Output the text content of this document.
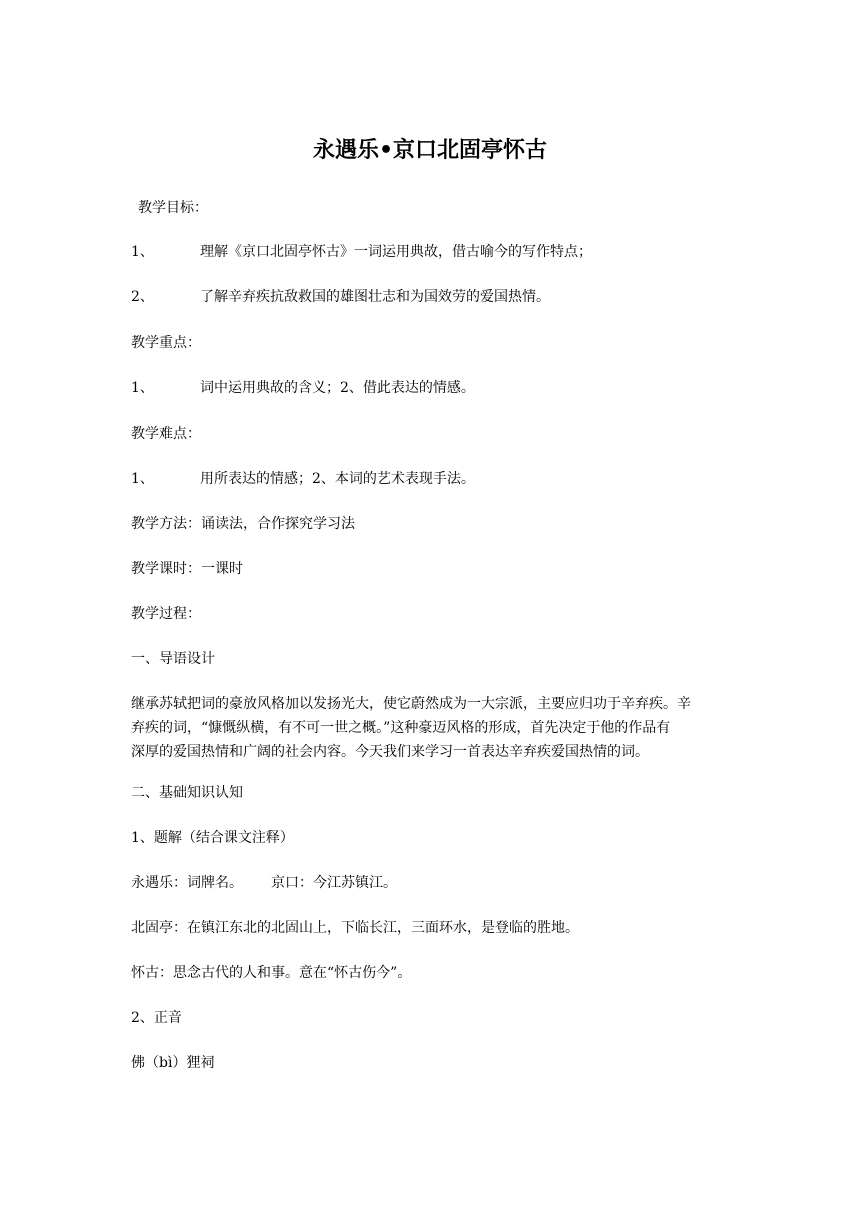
永遇乐•京口北固亭怀古

教学目标：

1、	理解《京口北固亭怀古》一词运用典故，借古喻今的写作特点；

2、	了解辛弃疾抗敌救国的雄图壮志和为国效劳的爱国热情。

教学重点：

1、	词中运用典故的含义；2、借此表达的情感。

教学难点：

1、	用所表达的情感；2、本词的艺术表现手法。

教学方法：诵读法，合作探究学习法

教学课时：一课时

教学过程：

一、导语设计

继承苏轼把词的豪放风格加以发扬光大，使它蔚然成为一大宗派，主要应归功于辛弃疾。辛
弃疾的词，“慷慨纵横，有不可一世之概。”这种豪迈风格的形成，首先决定于他的作品有
深厚的爱国热情和广阔的社会内容。今天我们来学习一首表达辛弃疾爱国热情的词。

二、基础知识认知

1、题解（结合课文注释）

永遇乐：词牌名。 京口：今江苏镇江。

北固亭：在镇江东北的北固山上，下临长江，三面环水，是登临的胜地。

怀古：思念古代的人和事。意在“怀古伤今”。

2、正音

佛（bì）狸祠
